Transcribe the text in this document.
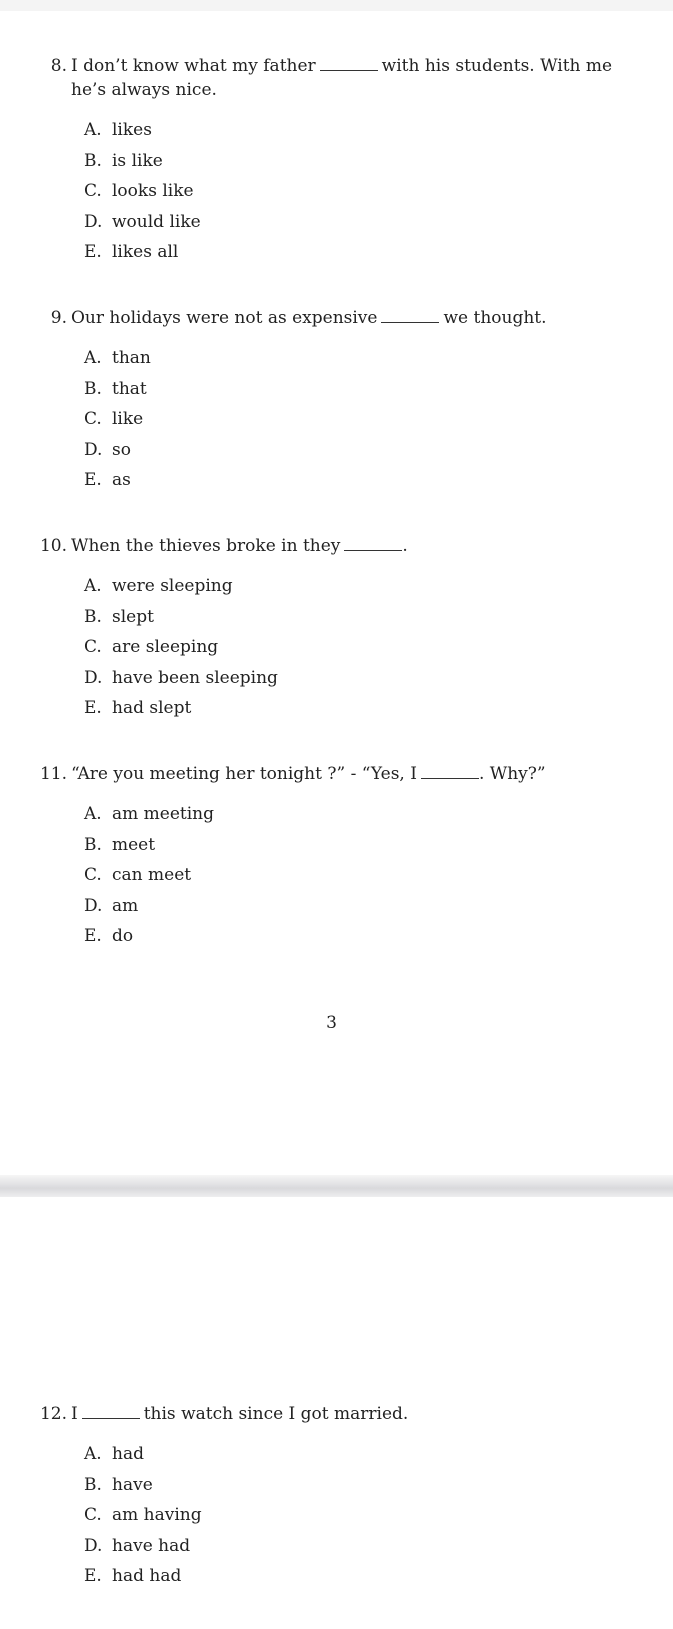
8. I don’t know what my father	with his students. With me he’s always nice.
A. likes
B. is like
C. looks like
D. would like
E. likes all
9. Our holidays were not as expensive	we thought.
A. than
B. that
C. like
D. so
E. as
10. When the thieves broke in they	.
A. were sleeping
B. slept
C. are sleeping
D. have been sleeping
E. had slept
11. “Are you meeting her tonight ?” - “Yes, I	. Why?”
A. am meeting
B. meet
C. can meet
D. am
E. do
3
12. I	this watch since I got married.
A. had
B. have
C. am having
D. have had
E. had had
